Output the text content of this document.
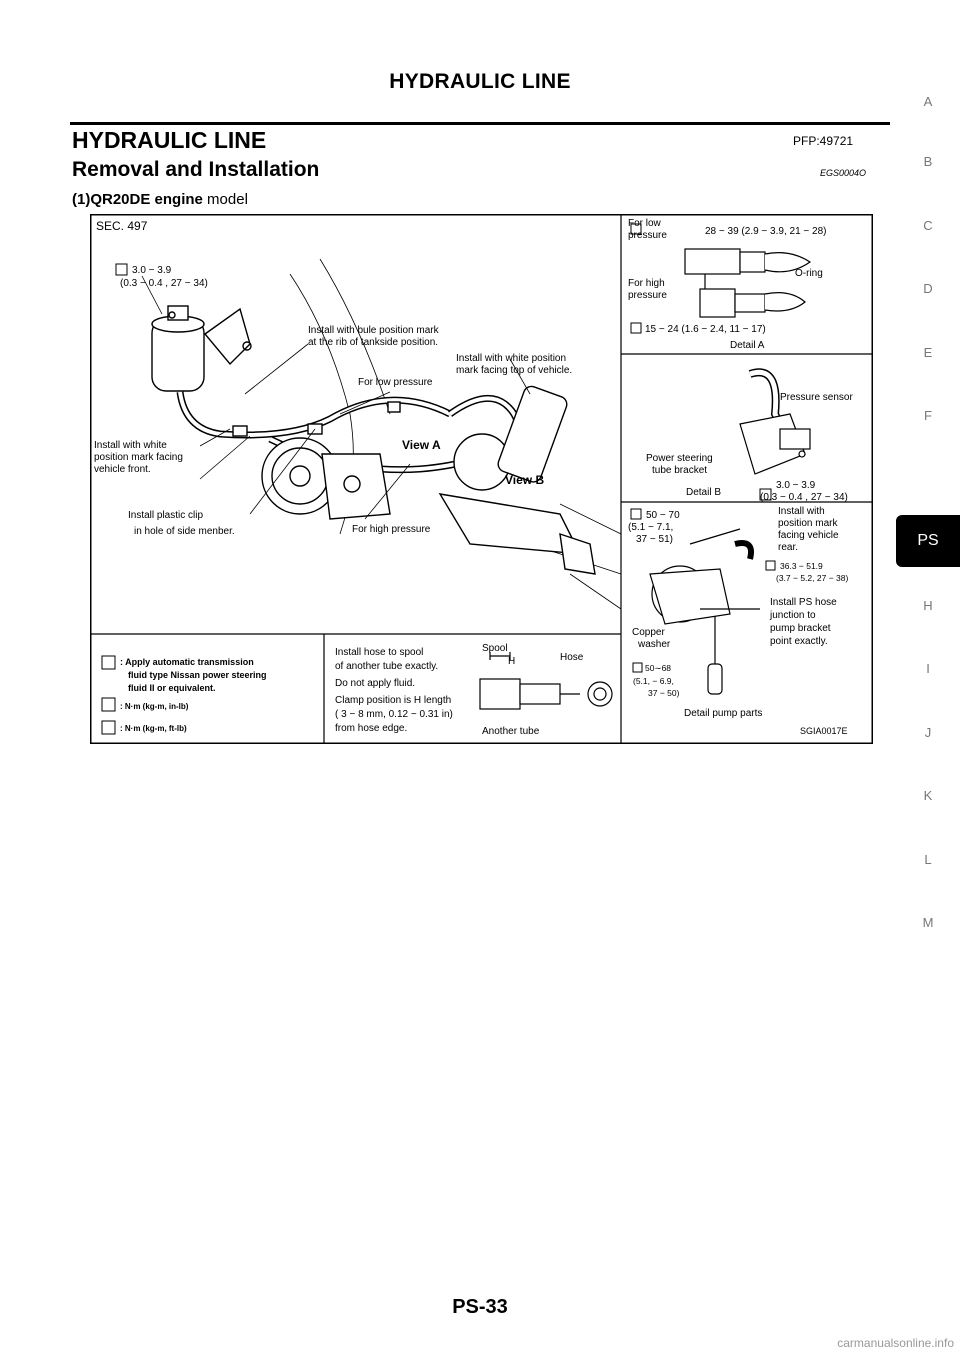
HYDRAULIC LINE
HYDRAULIC LINE	PFP:49721
Removal and Installation	EGS0004O
(1)QR20DE engine model
A
B
C
D
E
F
PS
H
I
J
K
L
M
SEC. 497
3.0 − 3.9
(0.3 − 0.4 , 27 − 34)
Install with bule position mark
at the rib of tankside position.
Install with white position
mark facing top of vehicle.
For low pressure
Install with white
position mark facing
vehicle front.
View A
View B
Install plastic clip
in hole of side menber.	For high pressure
For low
pressure	28 − 39 (2.9 − 3.9, 21 − 28)
O-ring
For high
pressure
15 − 24 (1.6 − 2.4, 11 − 17)
Detail A
Pressure sensor
Power steering
tube bracket
Detail B
3.0 − 3.9
(0.3 − 0.4 , 27 − 34)
50 − 70
(5.1 − 7.1,
37 − 51)
Install with
position mark
facing vehicle
rear.
36.3 − 51.9
(3.7 − 5.2, 27 − 38)
Install PS hose
junction to
pump bracket
point exactly.
Copper
washer
50∼68
(5.1, − 6.9,
37 − 50)
Detail pump parts
SGIA0017E
: Apply automatic transmission
fluid type Nissan power steering
fluid II or equivalent.
: N·m (kg-m, in-lb)
: N·m (kg-m, ft-lb)
Install hose to spool
of another tube exactly.
Do not apply fluid.
Clamp position is H length
( 3 − 8 mm, 0.12 − 0.31 in)
from hose edge.
Spool
H	Hose
Another tube
PS-33
carmanualsonline.info
